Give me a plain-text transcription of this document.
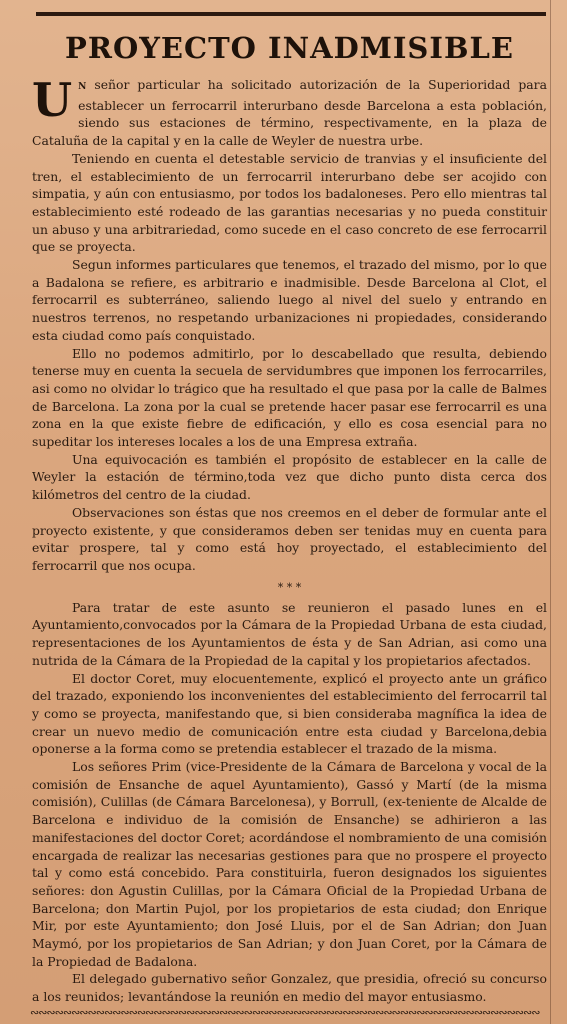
PROYECTO INADMISIBLE

U N señor particular ha solicitado autorización de la Superioridad para establecer un ferrocarril interurbano desde Barcelona a esta población, siendo sus estaciones de término, respectivamente, en la plaza de Cataluña de la capital y en la calle de Weyler de nuestra urbe.

Teniendo en cuenta el detestable servicio de tranvias y el insuficiente del tren, el establecimiento de un ferrocarril interurbano debe ser acojido con simpatia, y aún con entusiasmo, por todos los badaloneses. Pero ello mientras tal establecimiento esté rodeado de las garantias necesarias y no pueda constituir un abuso y una arbitrariedad, como sucede en el caso concreto de ese ferrocarril que se proyecta.

Segun informes particulares que tenemos, el trazado del mismo, por lo que a Badalona se refiere, es arbitrario e inadmisible. Desde Barcelona al Clot, el ferrocarril es subterráneo, saliendo luego al nivel del suelo y entrando en nuestros terrenos, no respetando urbanizaciones ni propiedades, considerando esta ciudad como país conquistado.

Ello no podemos admitirlo, por lo descabellado que resulta, debiendo tenerse muy en cuenta la secuela de servidumbres que imponen los ferrocarriles, asi como no olvidar lo trágico que ha resultado el que pasa por la calle de Balmes de Barcelona. La zona por la cual se pretende hacer pasar ese ferrocarril es una zona en la que existe fiebre de edificación, y ello es cosa esencial para no supeditar los intereses locales a los de una Empresa extraña.

Una equivocación es también el propósito de establecer en la calle de Weyler la estación de término,toda vez que dicho punto dista cerca dos kilómetros del centro de la ciudad.

Observaciones son éstas que nos creemos en el deber de formular ante el proyecto existente, y que consideramos deben ser tenidas muy en cuenta para evitar prospere, tal y como está hoy proyectado, el establecimiento del ferrocarril que nos ocupa.

* * *

Para tratar de este asunto se reunieron el pasado lunes en el Ayuntamiento,convocados por la Cámara de la Propiedad Urbana de esta ciudad, representaciones de los Ayuntamientos de ésta y de San Adrian, asi como una nutrida de la Cámara de la Propiedad de la capital y los propietarios afectados.

El doctor Coret, muy elocuentemente, explicó el proyecto ante un gráfico del trazado, exponiendo los inconvenientes del establecimiento del ferrocarril tal y como se proyecta, manifestando que, si bien consideraba magnífica la idea de crear un nuevo medio de comunicación entre esta ciudad y Barcelona,debia oponerse a la forma como se pretendia establecer el trazado de la misma.

Los señores Prim (vice-Presidente de la Cámara de Barcelona y vocal de la comisión de Ensanche de aquel Ayuntamiento), Gassó y Martí (de la misma comisión), Culillas (de Cámara Barcelonesa), y Borrull, (ex-teniente de Alcalde de Barcelona e individuo de la comisión de Ensanche) se adhirieron a las manifestaciones del doctor Coret; acordándose el nombramiento de una comisión encargada de realizar las necesarias gestiones para que no prospere el proyecto tal y como está concebido. Para constituirla, fueron designados los siguientes señores: don Agustin Culillas, por la Cámara Oficial de la Propiedad Urbana de Barcelona; don Martin Pujol, por los propietarios de esta ciudad; don Enrique Mir, por este Ayuntamiento; don José Lluis, por el de San Adrian; don Juan Maymó, por los propietarios de San Adrian; y don Juan Coret, por la Cámara de la Propiedad de Badalona.

El delegado gubernativo señor Gonzalez, que presidia, ofreció su concurso a los reunidos; levantándose la reunión en medio del mayor entusiasmo.

∾∾∾∾∾∾∾∾∾∾∾∾∾∾∾∾∾∾∾∾∾∾∾∾∾∾∾∾∾∾∾∾∾∾∾∾∾∾∾∾∾∾∾∾∾∾∾∾∾∾∾∾∾∾∾∾∾∾∾∾∾∾
